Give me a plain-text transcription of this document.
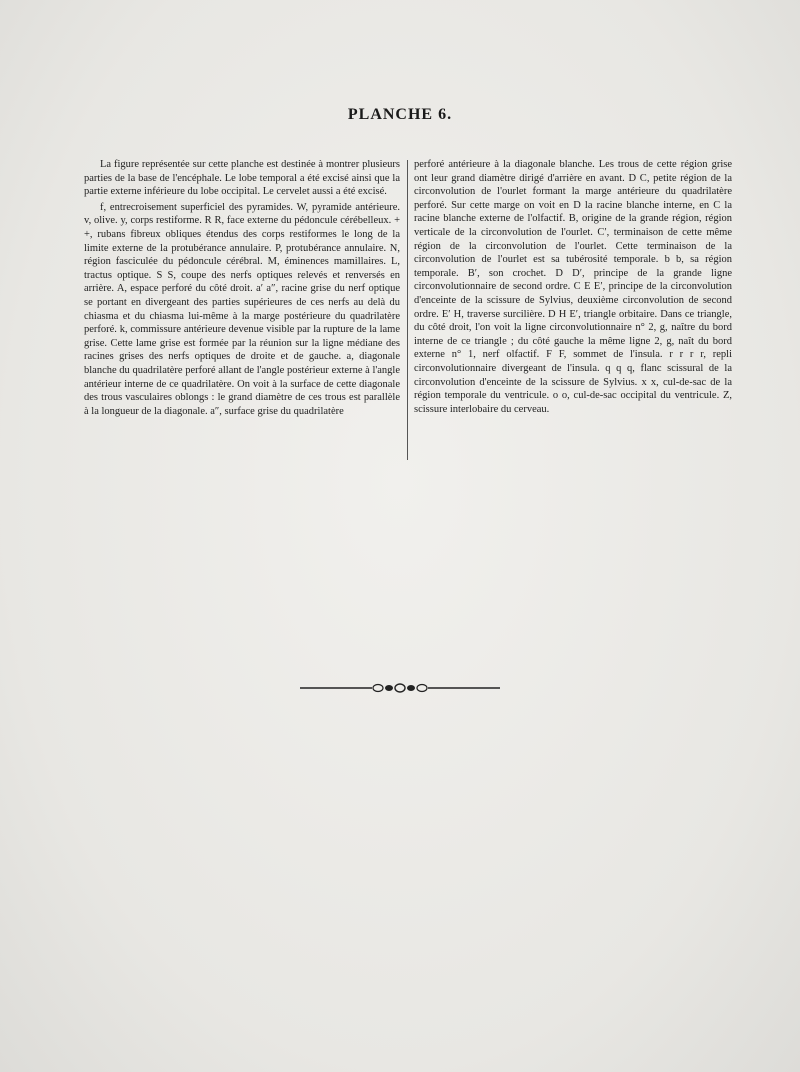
PLANCHE 6.

La figure représentée sur cette planche est destinée à montrer plusieurs parties de la base de l'encéphale. Le lobe temporal a été excisé ainsi que la partie externe inférieure du lobe occipital. Le cervelet aussi a été excisé.

f, entrecroisement superficiel des pyramides. W, pyramide antérieure. v, olive. y, corps restiforme. R R, face externe du pédoncule cérébelleux. + +, rubans fibreux obliques étendus des corps restiformes le long de la limite externe de la protubérance annulaire. P, protubérance annulaire. N, région fasciculée du pédoncule cérébral. M, éminences mamillaires. L, tractus optique. S S, coupe des nerfs optiques relevés et renversés en arrière. A, espace perforé du côté droit. a′ a″, racine grise du nerf optique se portant en divergeant des parties supérieures de ces nerfs au delà du chiasma et du chiasma lui-même à la marge postérieure du quadrilatère perforé. k, commissure antérieure devenue visible par la rupture de la lame grise. Cette lame grise est formée par la réunion sur la ligne médiane des racines grises des nerfs optiques de droite et de gauche. a, diagonale blanche du quadrilatère perforé allant de l'angle postérieur externe à l'angle antérieur interne de ce quadrilatère. On voit à la surface de cette diagonale des trous vasculaires oblongs : le grand diamètre de ces trous est parallèle à la longueur de la diagonale. a″, surface grise du quadrilatère

perforé antérieure à la diagonale blanche. Les trous de cette région grise ont leur grand diamètre dirigé d'arrière en avant. D C, petite région de la circonvolution de l'ourlet formant la marge antérieure du quadrilatère perforé. Sur cette marge on voit en D la racine blanche interne, en C la racine blanche externe de l'olfactif. B, origine de la grande région, région verticale de la circonvolution de l'ourlet. C′, terminaison de cette même région de la circonvolution de l'ourlet. Cette terminaison de la circonvolution de l'ourlet est sa tubérosité temporale. b b, sa région temporale. B′, son crochet. D D′, principe de la grande ligne circonvolutionnaire de second ordre. C E E′, principe de la circonvolution d'enceinte de la scissure de Sylvius, deuxième circonvolution de second ordre. E′ H, traverse surcilière. D H E′, triangle orbitaire. Dans ce triangle, du côté droit, l'on voit la ligne circonvolutionnaire n° 2, g, naître du bord interne de ce triangle ; du côté gauche la même ligne 2, g, naît du bord externe n° 1, nerf olfactif. F F, sommet de l'insula. r r r r, repli circonvolutionnaire divergeant de l'insula. q q q, flanc scissural de la circonvolution d'enceinte de la scissure de Sylvius. x x, cul-de-sac de la région temporale du ventricule. o o, cul-de-sac occipital du ventricule. Z, scissure interlobaire du cerveau.
